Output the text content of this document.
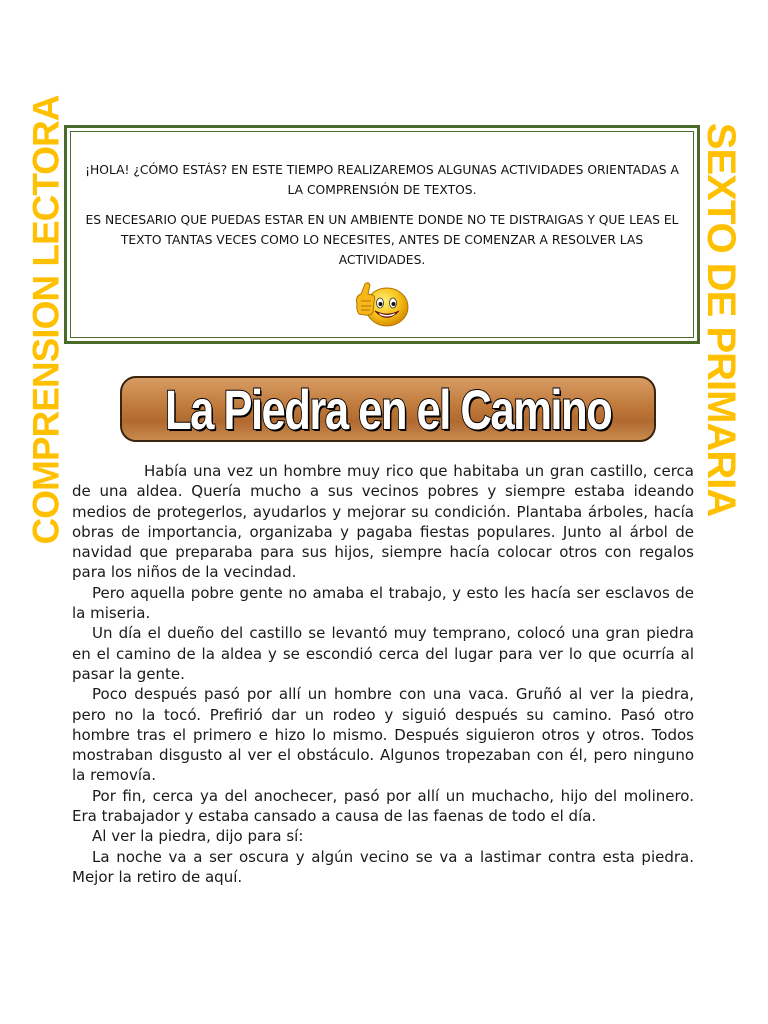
COMPRENSION LECTORA	SEXTO DE PRIMARIA

¡HOLA! ¿CÓMO ESTÁS? EN ESTE TIEMPO REALIZAREMOS ALGUNAS ACTIVIDADES ORIENTADAS A LA COMPRENSIÓN DE TEXTOS.

ES NECESARIO QUE PUEDAS ESTAR EN UN AMBIENTE DONDE NO TE DISTRAIGAS Y QUE LEAS EL TEXTO TANTAS VECES COMO LO NECESITES, ANTES DE COMENZAR A RESOLVER LAS ACTIVIDADES.

La Piedra en el Camino

Había una vez un hombre muy rico que habitaba un gran castillo, cerca de una aldea. Quería mucho a sus vecinos pobres y siempre estaba ideando medios de protegerlos, ayudarlos y mejorar su condición. Plantaba árboles, hacía obras de importancia, organizaba y pagaba fiestas populares. Junto al árbol de navidad que preparaba para sus hijos, siempre hacía colocar otros con regalos para los niños de la vecindad.

Pero aquella pobre gente no amaba el trabajo, y esto les hacía ser esclavos de la miseria.

Un día el dueño del castillo se levantó muy temprano, colocó una gran piedra en el camino de la aldea y se escondió cerca del lugar para ver lo que ocurría al pasar la gente.

Poco después pasó por allí un hombre con una vaca. Gruñó al ver la piedra, pero no la tocó. Prefirió dar un rodeo y siguió después su camino. Pasó otro hombre tras el primero e hizo lo mismo. Después siguieron otros y otros. Todos mostraban disgusto al ver el obstáculo. Algunos tropezaban con él, pero ninguno la removía.

Por fin, cerca ya del anochecer, pasó por allí un muchacho, hijo del molinero. Era trabajador y estaba cansado a causa de las faenas de todo el día.

Al ver la piedra, dijo para sí:

La noche va a ser oscura y algún vecino se va a lastimar contra esta piedra. Mejor la retiro de aquí.
